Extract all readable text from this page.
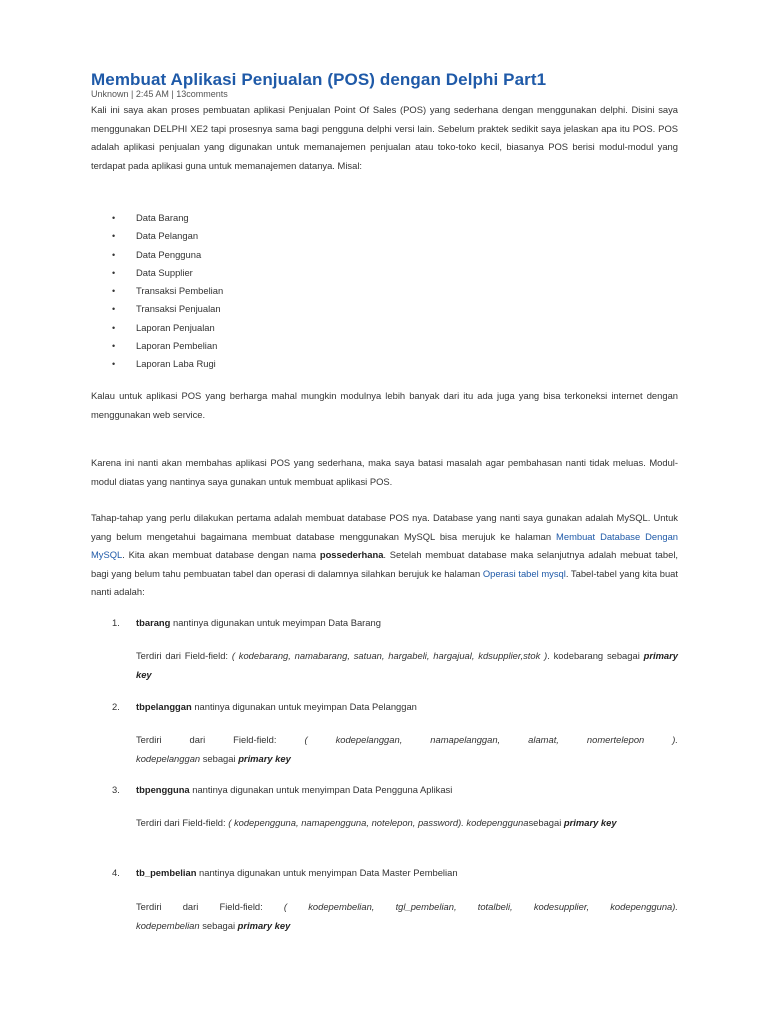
Membuat Aplikasi Penjualan (POS) dengan Delphi Part1
Unknown | 2:45 AM | 13comments

Kali ini saya akan proses pembuatan aplikasi Penjualan Point Of Sales (POS) yang sederhana dengan menggunakan delphi. Disini saya menggunakan DELPHI XE2 tapi prosesnya sama bagi pengguna delphi versi lain. Sebelum praktek sedikit saya jelaskan apa itu POS. POS adalah aplikasi penjualan yang digunakan untuk memanajemen penjualan atau toko-toko kecil, biasanya POS berisi modul-modul yang terdapat pada aplikasi guna untuk memanajemen datanya. Misal:

• Data Barang
• Data Pelangan
• Data Pengguna
• Data Supplier
• Transaksi Pembelian
• Transaksi Penjualan
• Laporan Penjualan
• Laporan Pembelian
• Laporan Laba Rugi

Kalau untuk aplikasi POS yang berharga mahal mungkin modulnya lebih banyak dari itu ada juga yang bisa terkoneksi internet dengan menggunakan web service.

Karena ini nanti akan membahas aplikasi POS yang sederhana, maka saya batasi masalah agar pembahasan nanti tidak meluas. Modul-modul diatas yang nantinya saya gunakan untuk membuat aplikasi POS.

Tahap-tahap yang perlu dilakukan pertama adalah membuat database POS nya. Database yang nanti saya gunakan adalah MySQL. Untuk yang belum mengetahui bagaimana membuat database menggunakan MySQL bisa merujuk ke halaman Membuat Database Dengan MySQL. Kita akan membuat database dengan nama possederhana. Setelah membuat database maka selanjutnya adalah mebuat tabel, bagi yang belum tahu pembuatan tabel dan operasi di dalamnya silahkan berujuk ke halaman Operasi tabel mysql. Tabel-tabel yang kita buat nanti adalah:

1. tbarang nantinya digunakan untuk meyimpan Data Barang

Terdiri dari Field-field: ( kodebarang, namabarang, satuan, hargabeli, hargajual, kdsupplier,stok ). kodebarang sebagai primary key

2. tbpelanggan nantinya digunakan untuk meyimpan Data Pelanggan

Terdiri dari Field-field: ( kodepelanggan, namapelanggan, alamat, nomertelepon ).
kodepelanggan sebagai primary key

3. tbpengguna nantinya digunakan untuk menyimpan Data Pengguna Aplikasi

Terdiri dari Field-field: ( kodepengguna, namapengguna, notelepon, password). kodepenggunasebagai primary key

4. tb_pembelian nantinya digunakan untuk menyimpan Data Master Pembelian

Terdiri dari Field-field: ( kodepembelian, tgl_pembelian, totalbeli, kodesupplier, kodepengguna).
kodepembelian sebagai primary key
